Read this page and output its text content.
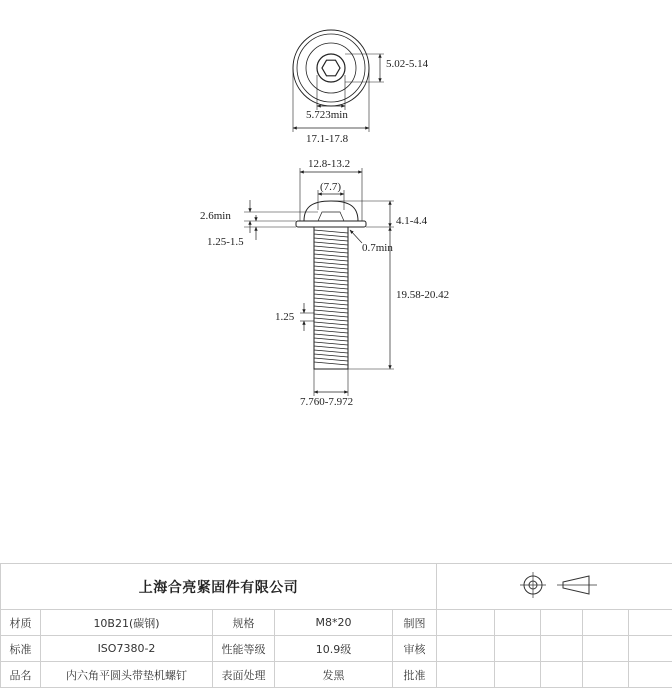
5.02-5.14
5.723min
17.1-17.8
12.8-13.2
(7.7)
2.6min
1.25-1.5
4.1-4.4
0.7min
19.58-20.42
1.25
7.760-7.972
上海合亮紧固件有限公司	
材质	10B21(碳钢)	规格	M8*20	制图					
标准	ISO7380-2	性能等级	10.9级	审核					
品名	内六角平圆头带垫机螺钉	表面处理	发黑	批准					
